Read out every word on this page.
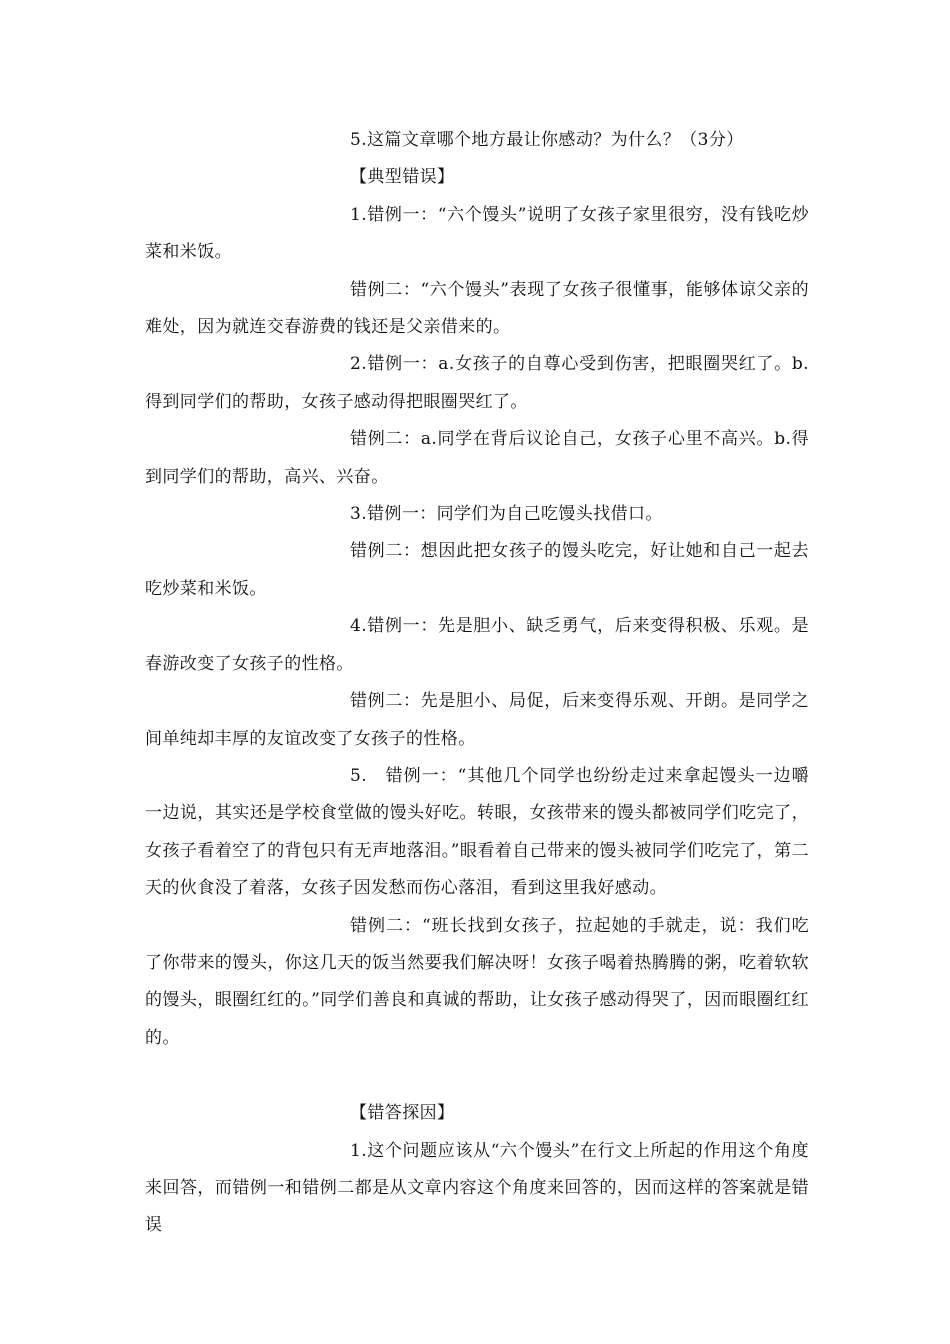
5.这篇文章哪个地方最让你感动？为什么？（3分）

【典型错误】

1.错例一：“六个馒头”说明了女孩子家里很穷，没有钱吃炒菜和米饭。

错例二：“六个馒头”表现了女孩子很懂事，能够体谅父亲的难处，因为就连交春游费的钱还是父亲借来的。

2.错例一：a.女孩子的自尊心受到伤害，把眼圈哭红了。b.得到同学们的帮助，女孩子感动得把眼圈哭红了。

错例二：a.同学在背后议论自己，女孩子心里不高兴。b.得到同学们的帮助，高兴、兴奋。

3.错例一：同学们为自己吃馒头找借口。

错例二：想因此把女孩子的馒头吃完，好让她和自己一起去吃炒菜和米饭。

4.错例一：先是胆小、缺乏勇气，后来变得积极、乐观。是春游改变了女孩子的性格。

错例二：先是胆小、局促，后来变得乐观、开朗。是同学之间单纯却丰厚的友谊改变了女孩子的性格。

5.　错例一：“其他几个同学也纷纷走过来拿起馒头一边嚼一边说，其实还是学校食堂做的馒头好吃。转眼，女孩带来的馒头都被同学们吃完了，女孩子看着空了的背包只有无声地落泪。”眼看着自己带来的馒头被同学们吃完了，第二天的伙食没了着落，女孩子因发愁而伤心落泪，看到这里我好感动。

错例二：“班长找到女孩子，拉起她的手就走，说：我们吃了你带来的馒头，你这几天的饭当然要我们解决呀！女孩子喝着热腾腾的粥，吃着软软的馒头，眼圈红红的。”同学们善良和真诚的帮助，让女孩子感动得哭了，因而眼圈红红的。

【错答探因】

1.这个问题应该从“六个馒头”在行文上所起的作用这个角度来回答，而错例一和错例二都是从文章内容这个角度来回答的，因而这样的答案就是错误
